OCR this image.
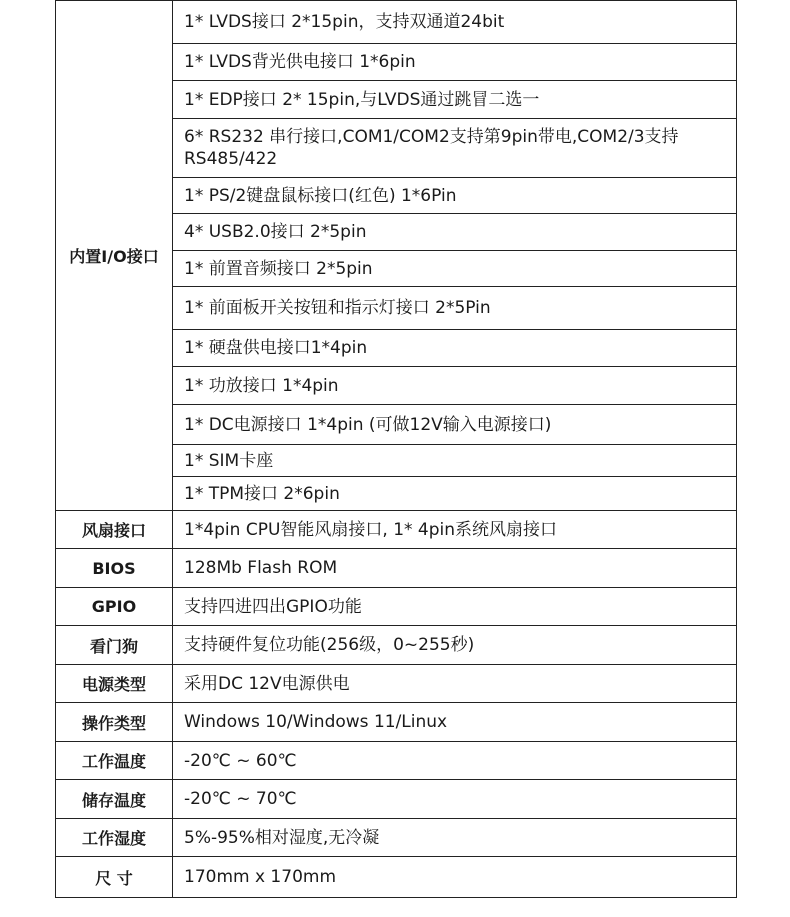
内置I/O接口	1* LVDS接口 2*15pin，支持双通道24bit
	1* LVDS背光供电接口 1*6pin
	1* EDP接口 2* 15pin,与LVDS通过跳冒二选一
	6* RS232 串行接口,COM1/COM2支持第9pin带电,COM2/3支持RS485/422
	1* PS/2键盘鼠标接口(红色) 1*6Pin
	4* USB2.0接口 2*5pin
	1* 前置音频接口 2*5pin
	1* 前面板开关按钮和指示灯接口 2*5Pin
	1* 硬盘供电接口1*4pin
	1* 功放接口 1*4pin
	1* DC电源接口 1*4pin (可做12V输入电源接口)
	1* SIM卡座
	1* TPM接口 2*6pin
风扇接口	1*4pin CPU智能风扇接口, 1* 4pin系统风扇接口
BIOS	128Mb Flash ROM
GPIO	支持四进四出GPIO功能
看门狗	支持硬件复位功能(256级，0~255秒)
电源类型	采用DC 12V电源供电
操作类型	Windows 10/Windows 11/Linux
工作温度	-20℃ ~ 60℃
储存温度	-20℃ ~ 70℃
工作湿度	5%-95%相对湿度,无冷凝
尺 寸	170mm x 170mm
